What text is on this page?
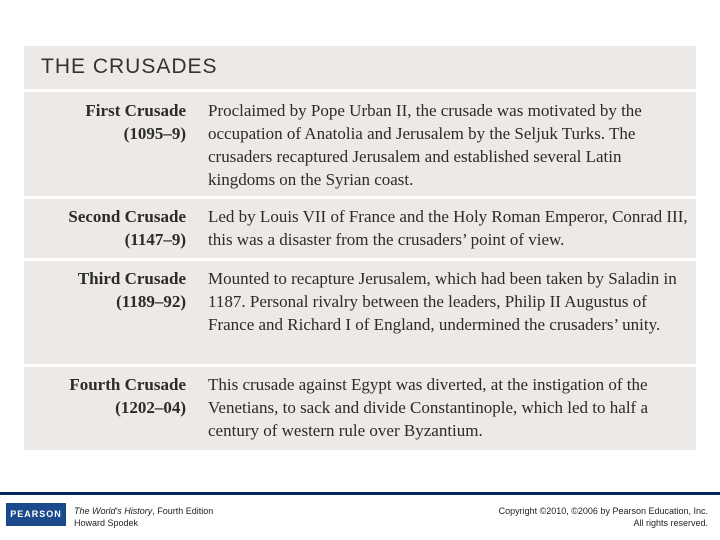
THE CRUSADES
First Crusade
(1095–9)
Proclaimed by Pope Urban II, the crusade was motivated by the occupation of Anatolia and Jerusalem by the Seljuk Turks. The crusaders recaptured Jerusalem and established several Latin kingdoms on the Syrian coast.
Second Crusade
(1147–9)
Led by Louis VII of France and the Holy Roman Emperor, Conrad III, this was a disaster from the crusaders’ point of view.
Third Crusade
(1189–92)
Mounted to recapture Jerusalem, which had been taken by Saladin in 1187. Personal rivalry between the leaders, Philip II Augustus of France and Richard I of England, undermined the crusaders’ unity.
Fourth Crusade
(1202–04)
This crusade against Egypt was diverted, at the instigation of the Venetians, to sack and divide Constantinople, which led to half a century of western rule over Byzantium.
PEARSON	The World's History, Fourth Edition
Howard Spodek
Copyright ©2010, ©2006 by Pearson Education, Inc.
All rights reserved.
